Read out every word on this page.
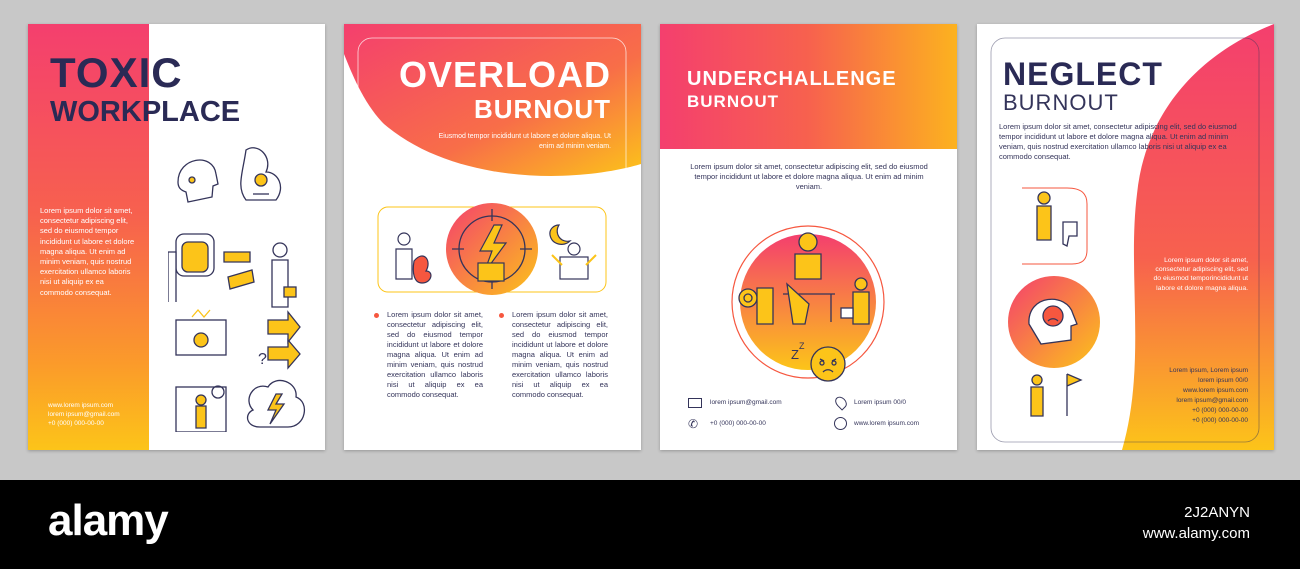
TOXIC
WORKPLACE
Lorem ipsum dolor sit amet, consectetur adipiscing elit, sed do eiusmod tempor incididunt ut labore et dolore magna aliqua. Ut enim ad minim veniam, quis nostrud exercitation ullamco laboris nisi ut aliquip ex ea commodo consequat.
www.lorem ipsum.com
lorem ipsum@gmail.com
+0 (000) 000-00-00
?
OVERLOAD
BURNOUT
Eiusmod tempor incididunt ut labore et dolore aliqua. Ut enim ad minim veniam.
Lorem ipsum dolor sit amet, consectetur adipiscing elit, sed do eiusmod tempor incididunt ut labore et dolore magna aliqua. Ut enim ad minim veniam, quis nostrud exercitation ullamco laboris nisi ut aliquip ex ea commodo consequat.
Lorem ipsum dolor sit amet, consectetur adipiscing elit, sed do eiusmod tempor incididunt ut labore et dolore magna aliqua. Ut enim ad minim veniam, quis nostrud exercitation ullamco laboris nisi ut aliquip ex ea commodo consequat.
UNDERCHALLENGE
BURNOUT
Lorem ipsum dolor sit amet, consectetur adipiscing elit, sed do eiusmod tempor incididunt ut labore et dolore magna aliqua. Ut enim ad minim veniam.
Z
Z
lorem ipsum@gmail.com	Lorem ipsum 00/0
✆ +0 (000) 000-00-00	www.lorem ipsum.com
NEGLECT
BURNOUT
Lorem ipsum dolor sit amet, consectetur adipiscing elit, sed do eiusmod tempor incididunt ut labore et dolore magna aliqua. Ut enim ad minim veniam, quis nostrud exercitation ullamco laboris nisi ut aliquip ex ea commodo consequat.
Lorem ipsum dolor sit amet, consectetur adipiscing elit, sed do eiusmod temporincididunt ut labore et dolore magna aliqua.
Lorem ipsum, Lorem ipsum
lorem ipsum 00/0
www.lorem ipsum.com
lorem ipsum@gmail.com
+0 (000) 000-00-00
+0 (000) 000-00-00
alamy	2J2ANYN
www.alamy.com
